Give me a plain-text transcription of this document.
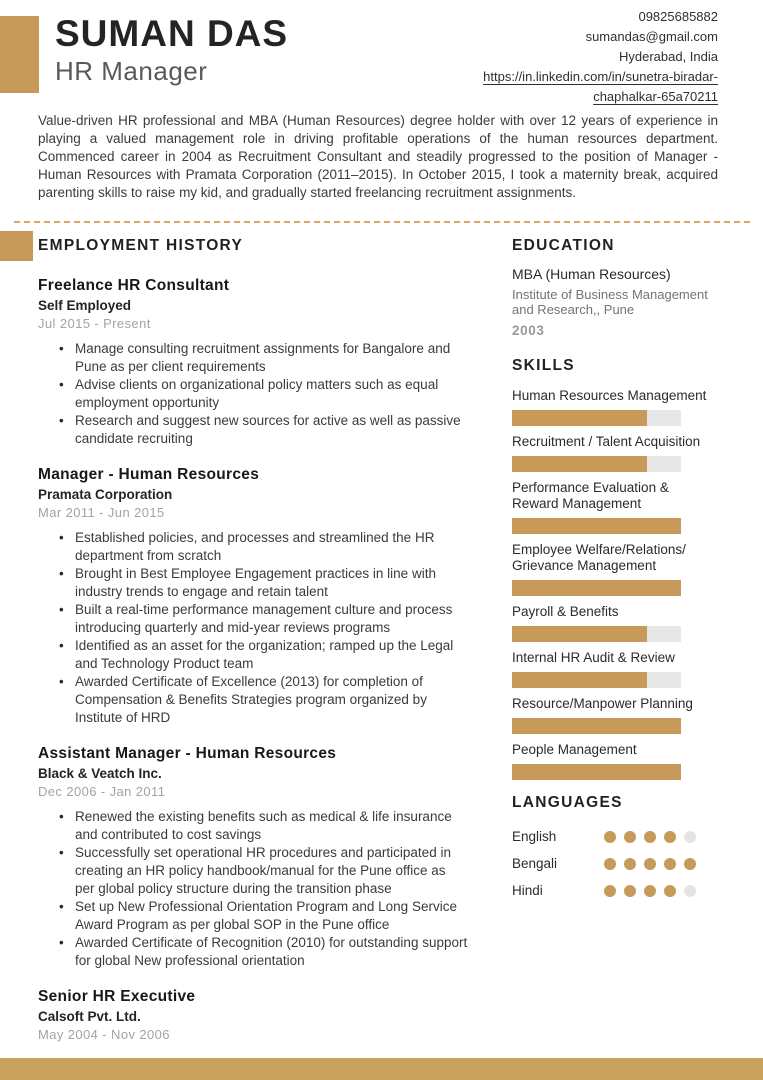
SUMAN DAS
HR Manager
09825685882
sumandas@gmail.com
Hyderabad, India
https://in.linkedin.com/in/sunetra-biradar-
chaphalkar-65a70211

Value-driven HR professional and MBA (Human Resources) degree holder with over 12 years of experience in playing a valued management role in driving profitable operations of the human resources department. Commenced career in 2004 as Recruitment Consultant and steadily progressed to the position of Manager - Human Resources with Pramata Corporation (2011–2015). In October 2015, I took a maternity break, acquired parenting skills to raise my kid, and gradually started freelancing recruitment assignments.

EMPLOYMENT HISTORY
Freelance HR Consultant
Self Employed
Jul 2015 - Present
• Manage consulting recruitment assignments for Bangalore and Pune as per client requirements
• Advise clients on organizational policy matters such as equal employment opportunity
• Research and suggest new sources for active as well as passive candidate recruiting
Manager - Human Resources
Pramata Corporation
Mar 2011 - Jun 2015
• Established policies, and processes and streamlined the HR department from scratch
• Brought in Best Employee Engagement practices in line with industry trends to engage and retain talent
• Built a real-time performance management culture and process introducing quarterly and mid-year reviews programs
• Identified as an asset for the organization; ramped up the Legal and Technology Product team
• Awarded Certificate of Excellence (2013) for completion of Compensation & Benefits Strategies program organized by Institute of HRD
Assistant Manager - Human Resources
Black & Veatch Inc.
Dec 2006 - Jan 2011
• Renewed the existing benefits such as medical & life insurance and contributed to cost savings
• Successfully set operational HR procedures and participated in creating an HR policy handbook/manual for the Pune office as per global policy structure during the transition phase
• Set up New Professional Orientation Program and Long Service Award Program as per global SOP in the Pune office
• Awarded Certificate of Recognition (2010) for outstanding support for global New professional orientation
Senior HR Executive
Calsoft Pvt. Ltd.
May 2004 - Nov 2006
EDUCATION
MBA (Human Resources)
Institute of Business Management and Research,, Pune
2003
SKILLS
Human Resources Management
Recruitment / Talent Acquisition
Performance Evaluation & Reward Management
Employee Welfare/Relations/ Grievance Management
Payroll & Benefits
Internal HR Audit & Review
Resource/Manpower Planning
People Management
LANGUAGES
English
Bengali
Hindi
